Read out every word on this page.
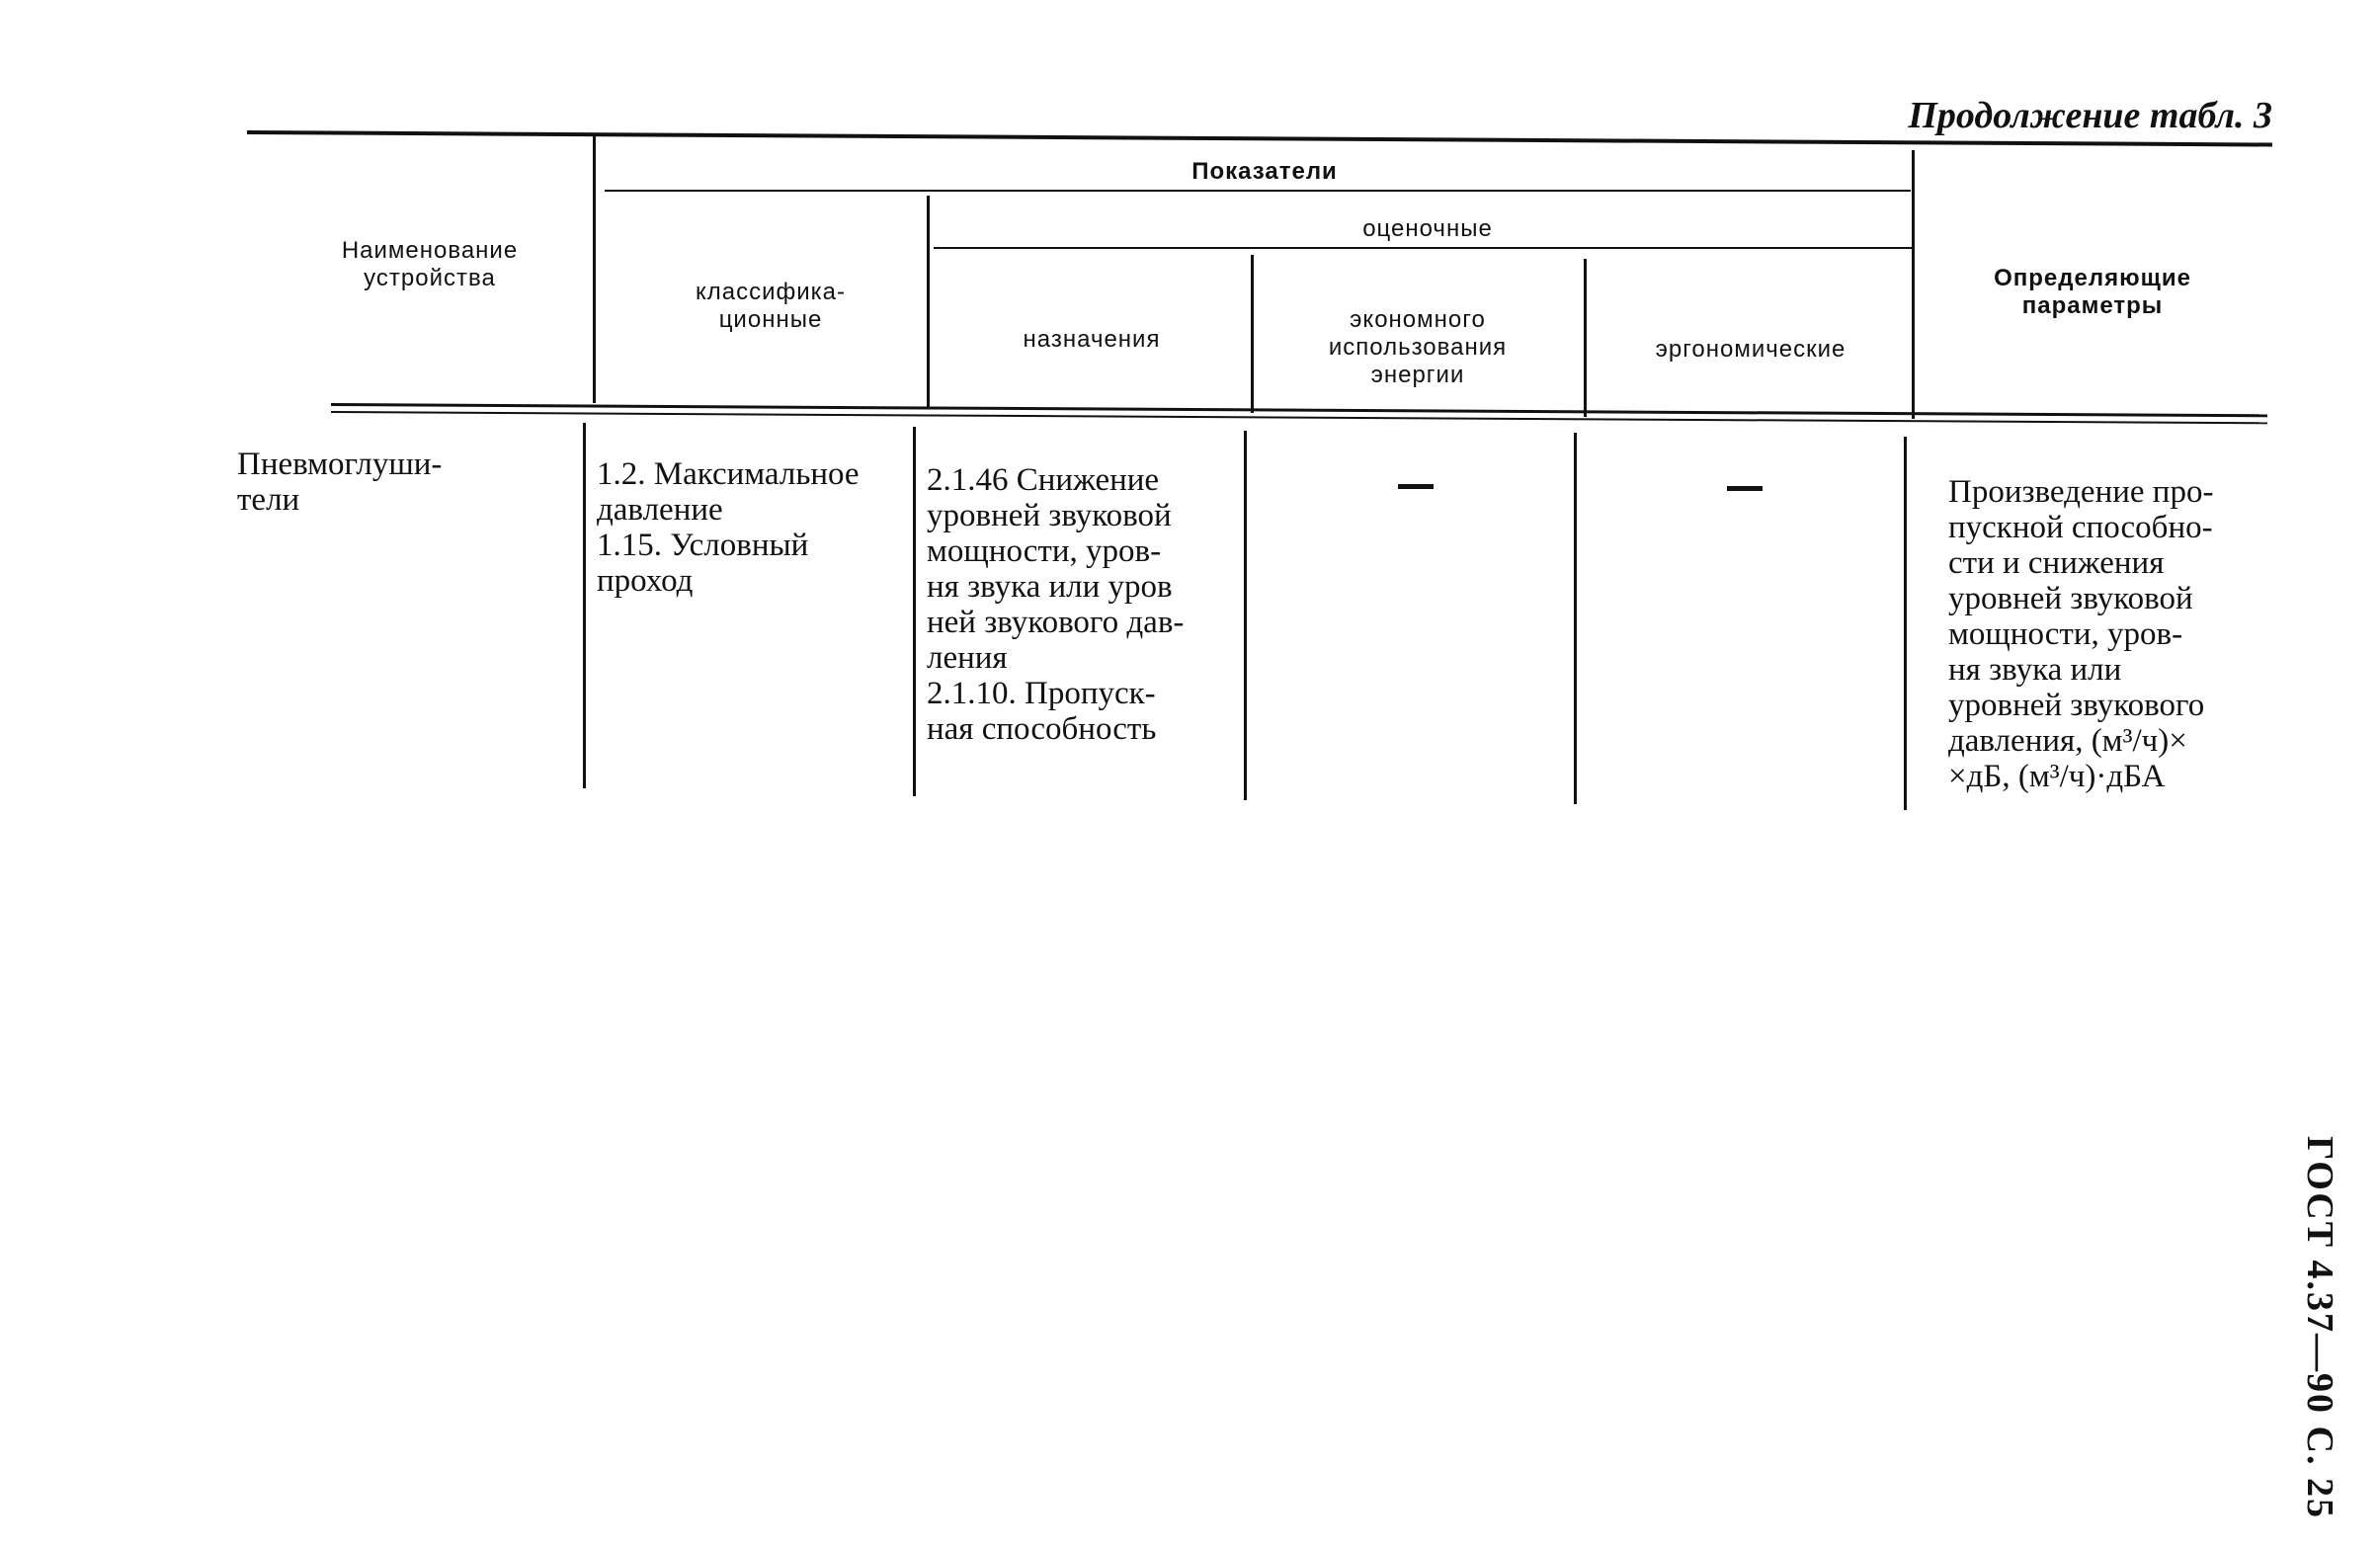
Продолжение табл. 3
Наименование
устройства
Показатели
классифика-
ционные
оценочные
назначения
экономного
использования
энергии
эргономические
Определяющие
параметры

Пневмоглуши-
тели

1.2. Максимальное
давление
1.15. Условный
проход

2.1.46 Снижение
уровней звуковой
мощности, уров-
ня звука или уров
ней звукового дав-
ления
2.1.10. Пропуск-
ная способность

Произведение про-
пускной способно-
сти и снижения
уровней звуковой
мощности, уров-
ня звука или
уровней звукового
давления, (м³/ч)×
×дБ, (м³/ч)·дБА

ГОСТ 4.37—90 С. 25
